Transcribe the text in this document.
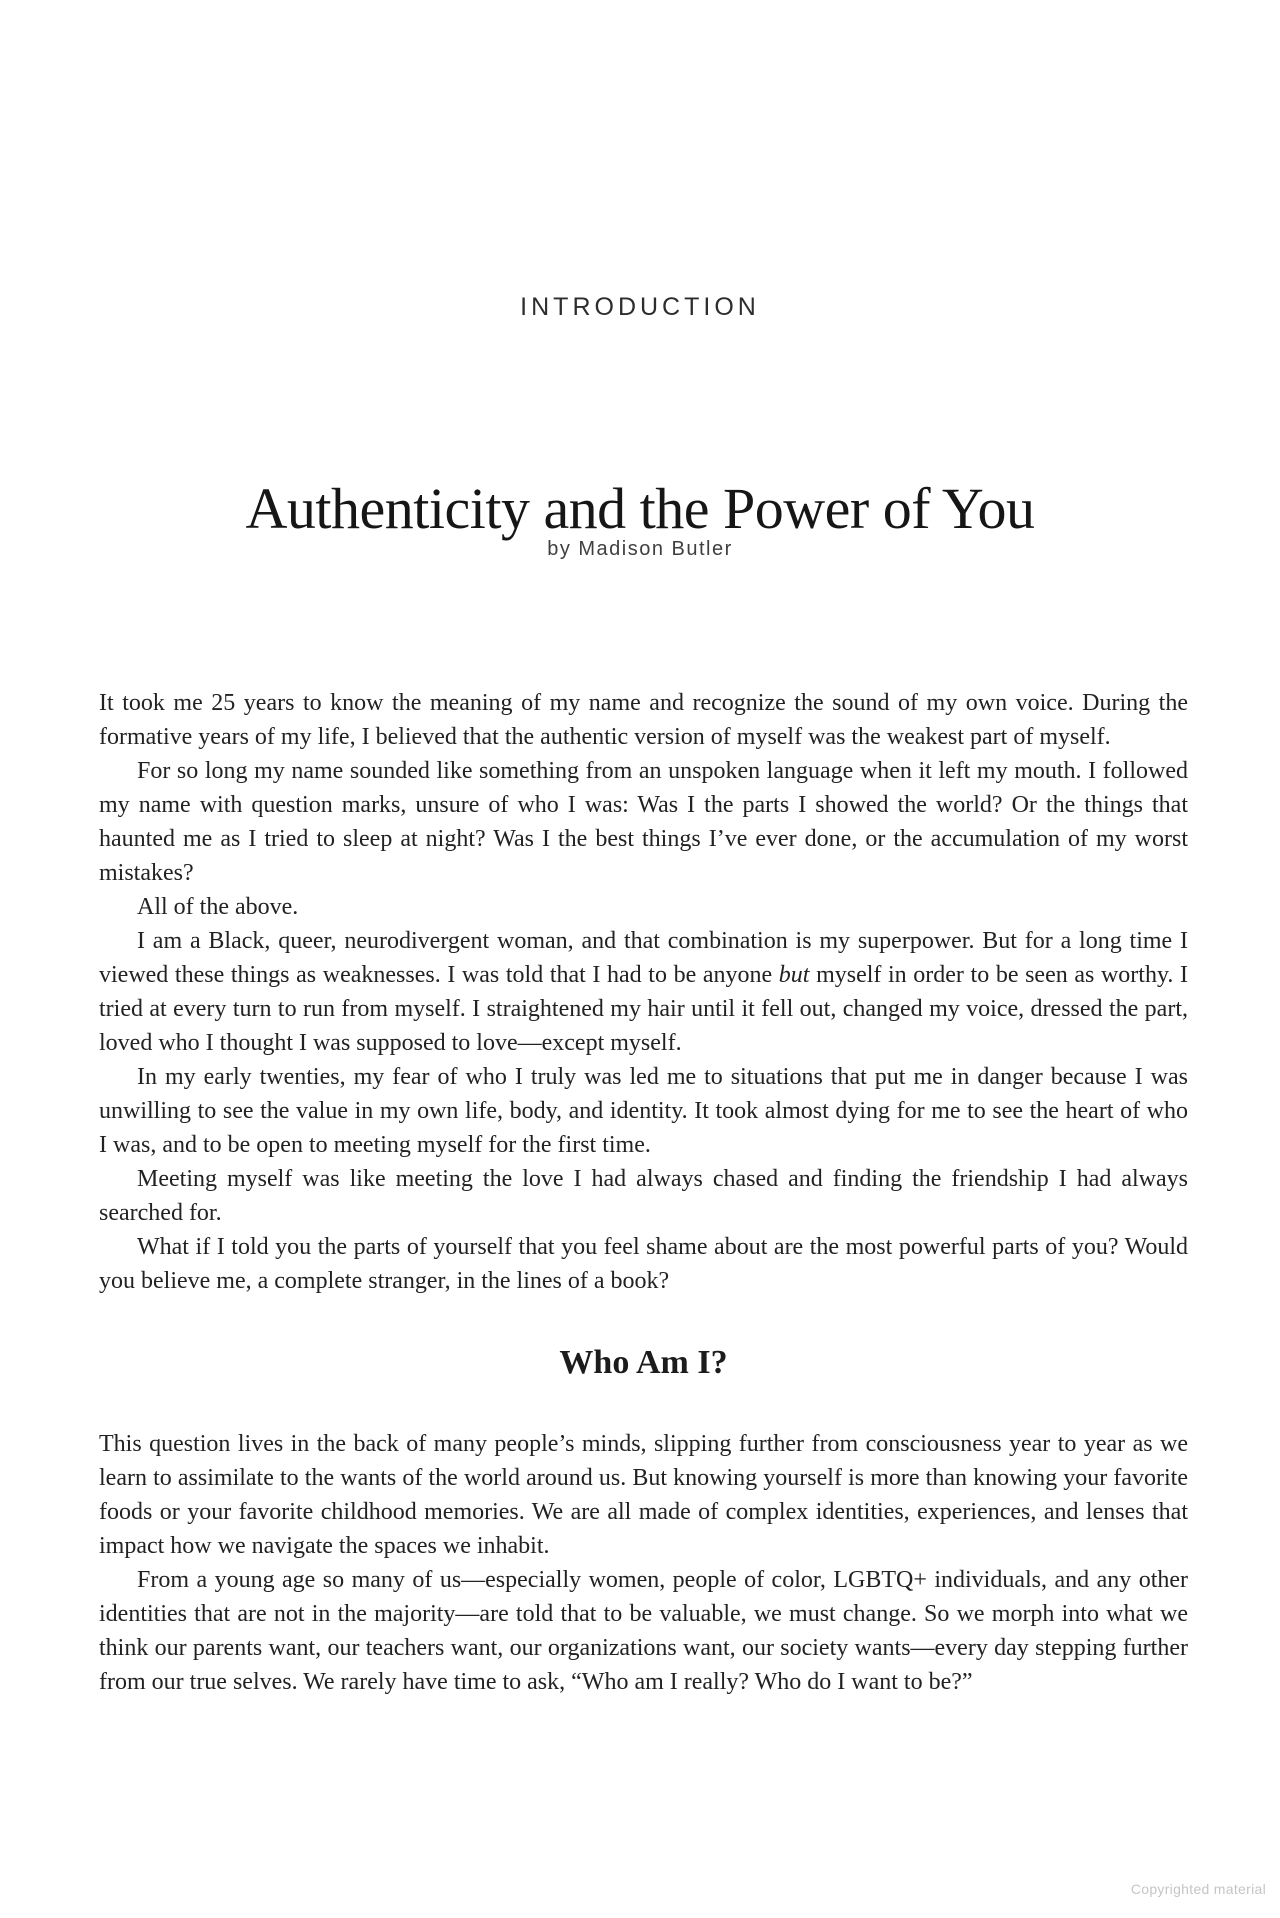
INTRODUCTION
Authenticity and the Power of You
by Madison Butler

It took me 25 years to know the meaning of my name and recognize the sound of my own voice. During the formative years of my life, I believed that the authentic version of myself was the weakest part of myself.

For so long my name sounded like something from an unspoken language when it left my mouth. I followed my name with question marks, unsure of who I was: Was I the parts I showed the world? Or the things that haunted me as I tried to sleep at night? Was I the best things I’ve ever done, or the accumulation of my worst mistakes?

All of the above.

I am a Black, queer, neurodivergent woman, and that combination is my superpower. But for a long time I viewed these things as weaknesses. I was told that I had to be anyone but myself in order to be seen as worthy. I tried at every turn to run from myself. I straightened my hair until it fell out, changed my voice, dressed the part, loved who I thought I was supposed to love—except myself.

In my early twenties, my fear of who I truly was led me to situations that put me in danger because I was unwilling to see the value in my own life, body, and identity. It took almost dying for me to see the heart of who I was, and to be open to meeting myself for the first time.

Meeting myself was like meeting the love I had always chased and finding the friendship I had always searched for.

What if I told you the parts of yourself that you feel shame about are the most powerful parts of you? Would you believe me, a complete stranger, in the lines of a book?

Who Am I?

This question lives in the back of many people’s minds, slipping further from consciousness year to year as we learn to assimilate to the wants of the world around us. But knowing yourself is more than knowing your favorite foods or your favorite childhood memories. We are all made of complex identities, experiences, and lenses that impact how we navigate the spaces we inhabit.

From a young age so many of us—especially women, people of color, LGBTQ+ individuals, and any other identities that are not in the majority—are told that to be valuable, we must change. So we morph into what we think our parents want, our teachers want, our organizations want, our society wants—every day stepping further from our true selves. We rarely have time to ask, “Who am I really? Who do I want to be?”

Copyrighted material
